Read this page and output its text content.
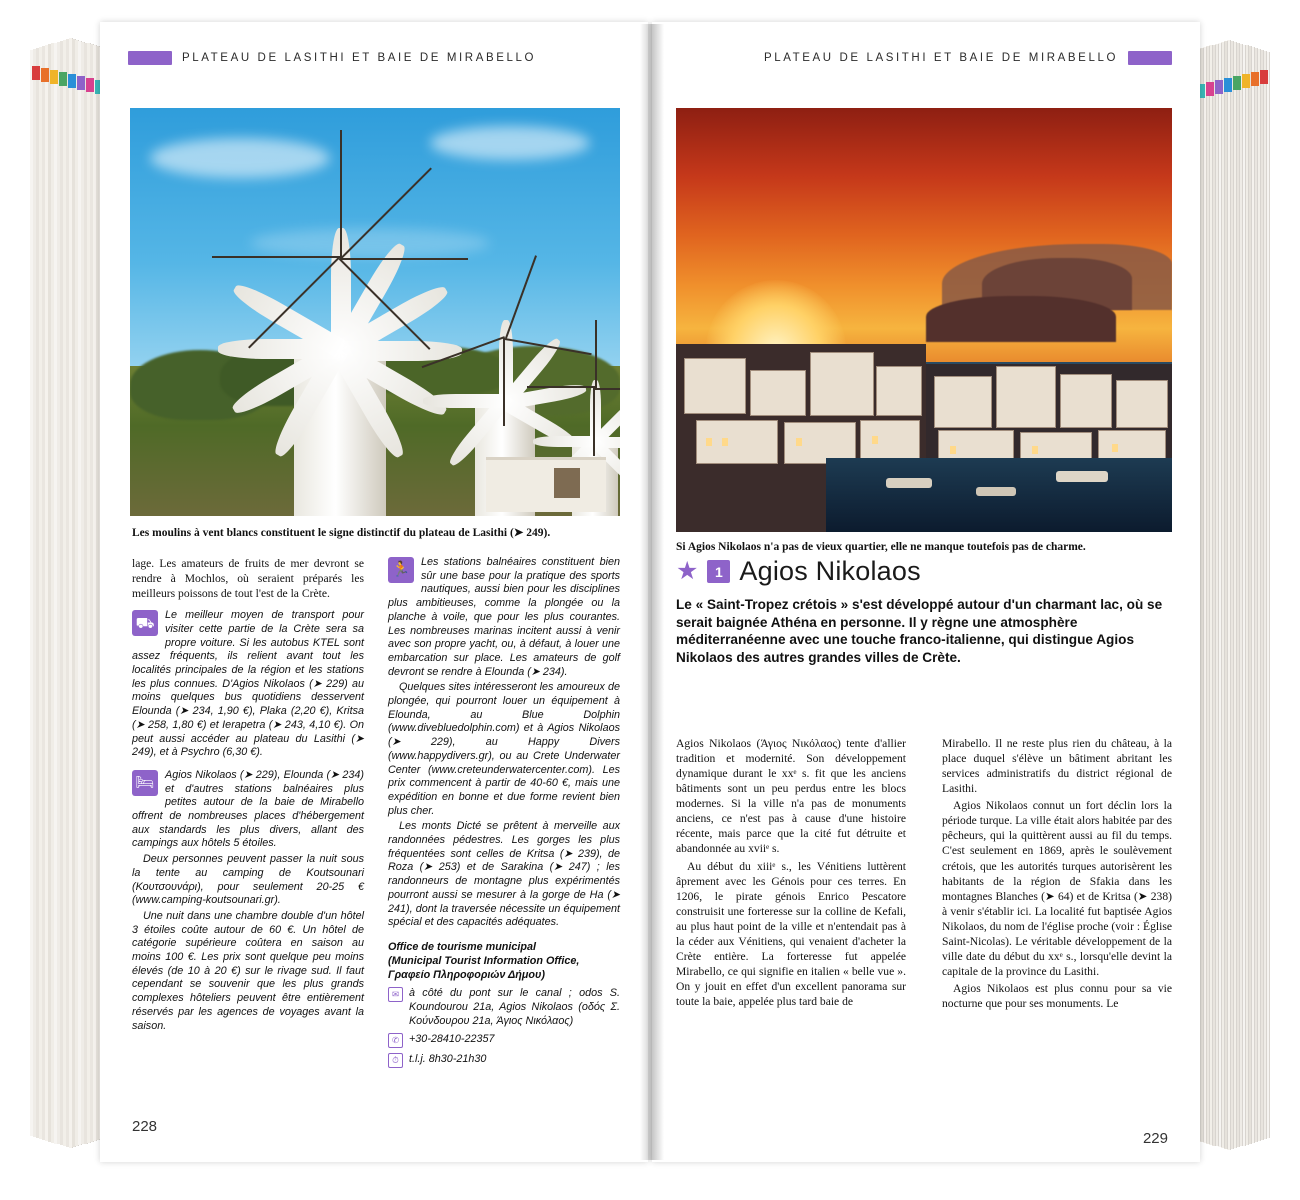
PLATEAU DE LASITHI ET BAIE DE MIRABELLO	PLATEAU DE LASITHI ET BAIE DE MIRABELLO
Les moulins à vent blancs constituent le signe distinctif du plateau de Lasithi (➤ 249).
Si Agios Nikolaos n'a pas de vieux quartier, elle ne manque toutefois pas de charme.

lage. Les amateurs de fruits de mer devront se rendre à Mochlos, où seraient préparés les meilleurs poissons de tout l'est de la Crète.

⛟ Le meilleur moyen de transport pour visiter cette partie de la Crète sera sa propre voiture. Si les autobus KTEL sont assez fréquents, ils relient avant tout les localités principales de la région et les stations les plus connues. D'Agios Nikolaos (➤ 229) au moins quelques bus quotidiens desservent Elounda (➤ 234, 1,90 €), Plaka (2,20 €), Kritsa (➤ 258, 1,80 €) et Ierapetra (➤ 243, 4,10 €). On peut aussi accéder au plateau du Lasithi (➤ 249), et à Psychro (6,30 €).

🛏 Agios Nikolaos (➤ 229), Elounda (➤ 234) et d'autres stations balnéaires plus petites autour de la baie de Mirabello offrent de nombreuses places d'hébergement aux standards les plus divers, allant des campings aux hôtels 5 étoiles.

Deux personnes peuvent passer la nuit sous la tente au camping de Koutsounari (Κουτσουνάρι), pour seulement 20-25 € (www.camping-koutsounari.gr).

Une nuit dans une chambre double d'un hôtel 3 étoiles coûte autour de 60 €. Un hôtel de catégorie supérieure coûtera en saison au moins 100 €. Les prix sont quelque peu moins élevés (de 10 à 20 €) sur le rivage sud. Il faut cependant se souvenir que les plus grands complexes hôteliers peuvent être entièrement réservés par les agences de voyages avant la saison.

🏃 Les stations balnéaires constituent bien sûr une base pour la pratique des sports nautiques, aussi bien pour les disciplines plus ambitieuses, comme la plongée ou la planche à voile, que pour les plus courantes. Les nombreuses marinas incitent aussi à venir avec son propre yacht, ou, à défaut, à louer une embarcation sur place. Les amateurs de golf devront se rendre à Elounda (➤ 234).

Quelques sites intéresseront les amoureux de plongée, qui pourront louer un équipement à Elounda, au Blue Dolphin (www.divebluedolphin.com) et à Agios Nikolaos (➤ 229), au Happy Divers (www.happydivers.gr), ou au Crete Underwater Center (www.creteunderwatercenter.com). Les prix commencent à partir de 40-60 €, mais une expédition en bonne et due forme revient bien plus cher.

Les monts Dicté se prêtent à merveille aux randonnées pédestres. Les gorges les plus fréquentées sont celles de Kritsa (➤ 239), de Roza (➤ 253) et de Sarakina (➤ 247) ; les randonneurs de montagne plus expérimentés pourront aussi se mesurer à la gorge de Ha (➤ 241), dont la traversée nécessite un équipement spécial et des capacités adéquates.

Office de tourisme municipal
(Municipal Tourist Information Office,
Γραφείο Πληροφοριών Δήμου)
✉ à côté du pont sur le canal ; odos S. Koundourou 21a, Agios Nikolaos (οδός Σ. Κούνδουρου 21a, Άγιος Νικόλαος)
✆ +30-28410-22357
⏱ t.l.j. 8h30-21h30
★	1 Agios Nikolaos
Le « Saint-Tropez crétois » s'est développé autour d'un charmant lac, où se serait baignée Athéna en personne. Il y règne une atmosphère méditerranéenne avec une touche franco-italienne, qui distingue Agios Nikolaos des autres grandes villes de Crète.

Agios Nikolaos (Άγιος Νικόλαος) tente d'allier tradition et modernité. Son développement dynamique durant le xxᵉ s. fit que les anciens bâtiments sont un peu perdus entre les blocs modernes. Si la ville n'a pas de monuments anciens, ce n'est pas à cause d'une histoire récente, mais parce que la cité fut détruite et abandonnée au xviiᵉ s.

Au début du xiiiᵉ s., les Vénitiens luttèrent âprement avec les Génois pour ces terres. En 1206, le pirate génois Enrico Pescatore construisit une forteresse sur la colline de Kefali, au plus haut point de la ville et n'entendait pas à la céder aux Vénitiens, qui venaient d'acheter la Crète entière. La forteresse fut appelée Mirabello, ce qui signifie en italien « belle vue ». On y jouit en effet d'un excellent panorama sur toute la baie, appelée plus tard baie de

Mirabello. Il ne reste plus rien du château, à la place duquel s'élève un bâtiment abritant les services administratifs du district régional de Lasithi.

Agios Nikolaos connut un fort déclin lors la période turque. La ville était alors habitée par des pêcheurs, qui la quittèrent aussi au fil du temps. C'est seulement en 1869, après le soulèvement crétois, que les autorités turques autorisèrent les habitants de la région de Sfakia dans les montagnes Blanches (➤ 64) et de Kritsa (➤ 238) à venir s'établir ici. La localité fut baptisée Agios Nikolaos, du nom de l'église proche (voir : Église Saint-Nicolas). Le véritable développement de la ville date du début du xxᵉ s., lorsqu'elle devint la capitale de la province du Lasithi.

Agios Nikolaos est plus connu pour sa vie nocturne que pour ses monuments. Le

228
229
